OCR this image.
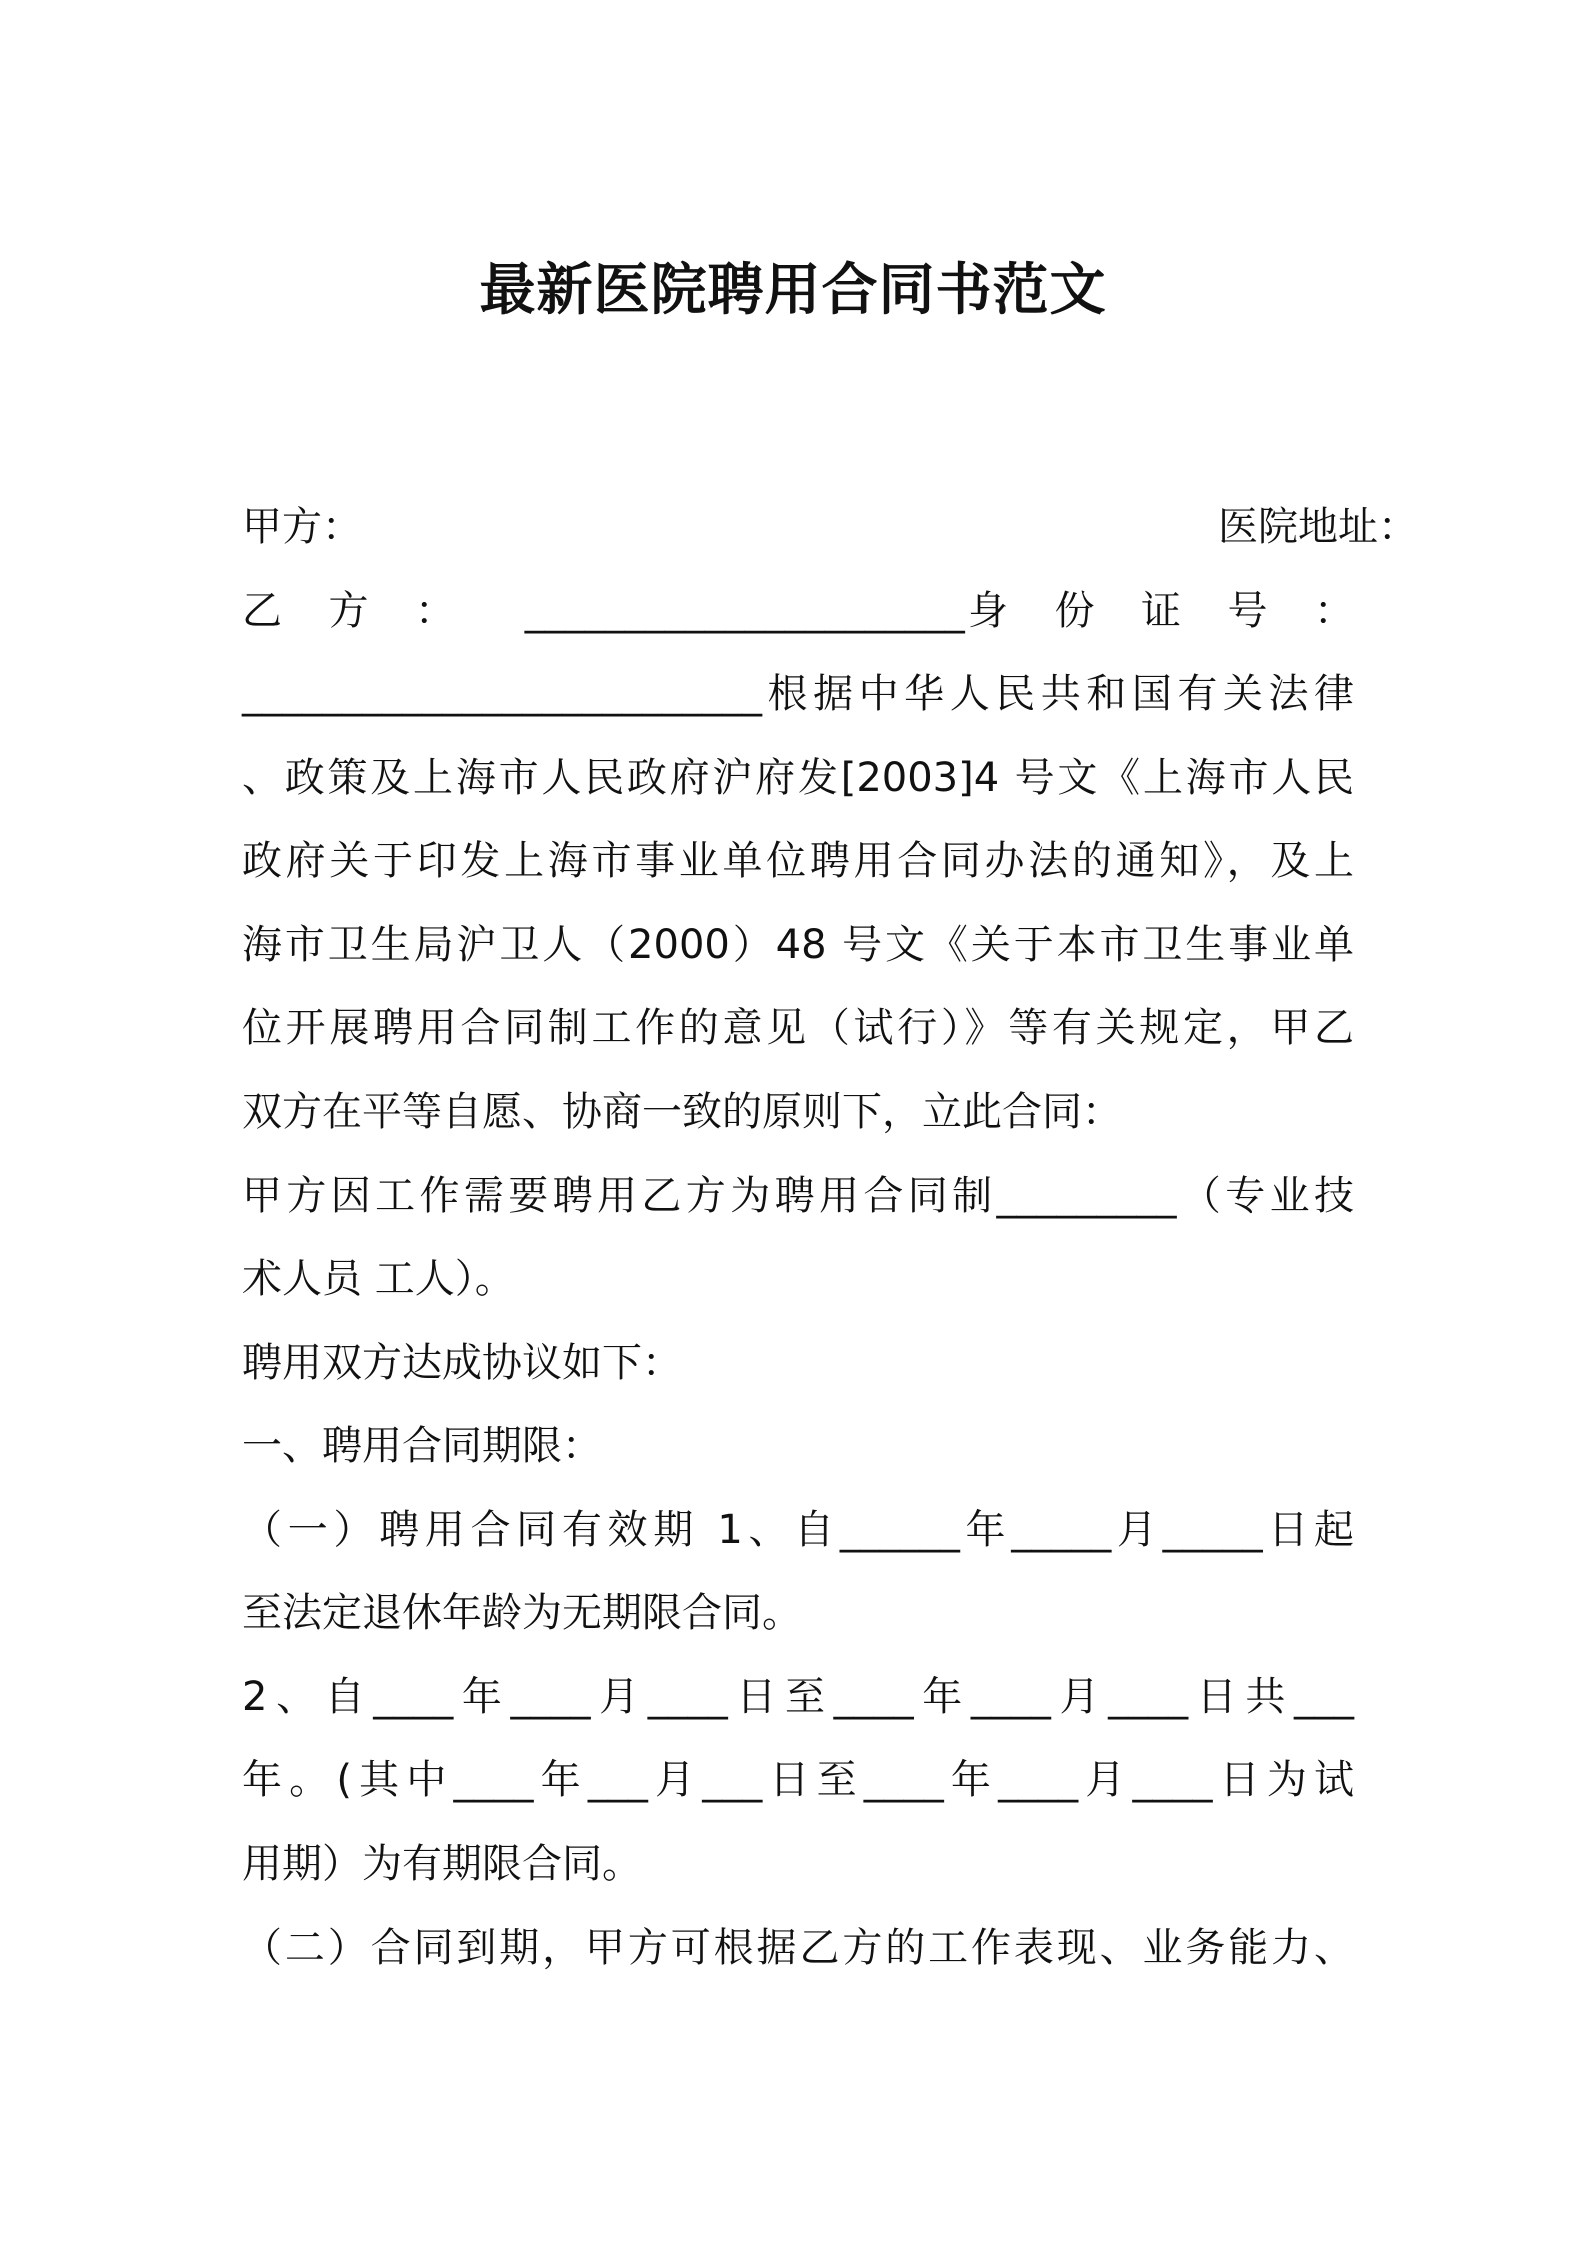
最新医院聘用合同书范文
甲方：	医院地址：
乙　方　：　　______________________身　份　证　号　：
__________________________根据中华人民共和国有关法律
、政策及上海市人民政府沪府发[2003]4 号文《上海市人民
政府关于印发上海市事业单位聘用合同办法的通知》，及上
海市卫生局沪卫人（2000）48 号文《关于本市卫生事业单
位开展聘用合同制工作的意见（试行）》等有关规定，甲乙
双方在平等自愿、协商一致的原则下，立此合同：
甲方因工作需要聘用乙方为聘用合同制_________（专业技
术人员 工人）。
聘用双方达成协议如下：
一、聘用合同期限：
（一）聘用合同有效期 1、自______年_____月_____日起
至法定退休年龄为无期限合同。
2、自____年____月____日至____年____月____日共___
年。(其中____年___月___日至____年____月____日为试
用期）为有期限合同。
（二）合同到期，甲方可根据乙方的工作表现、业务能力、
